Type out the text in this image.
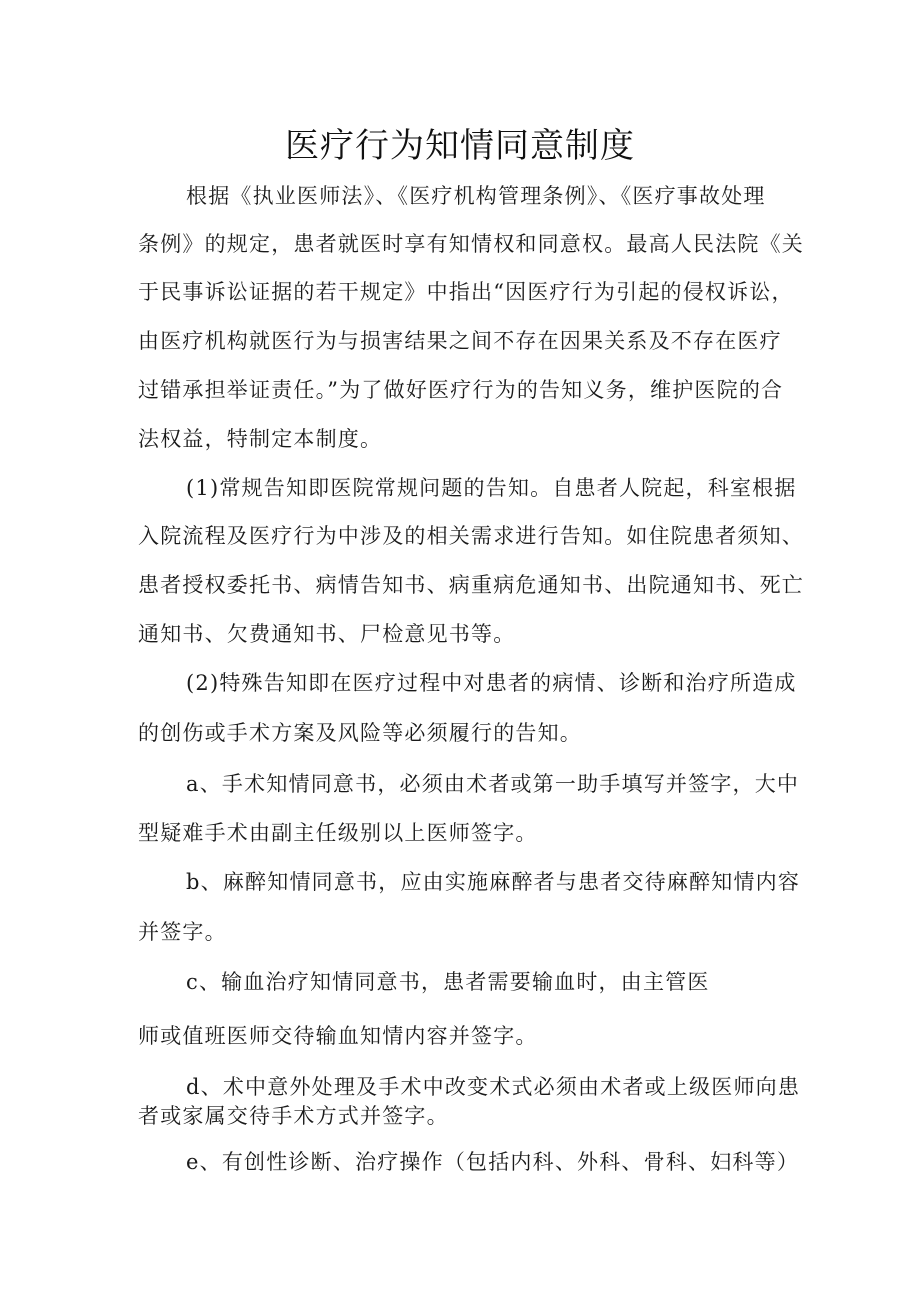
医疗行为知情同意制度
根据《执业医师法》、《医疗机构管理条例》、《医疗事故处理
条例》的规定，患者就医时享有知情权和同意权。最高人民法院《关
于民事诉讼证据的若干规定》中指出“因医疗行为引起的侵权诉讼，
由医疗机构就医行为与损害结果之间不存在因果关系及不存在医疗
过错承担举证责任。”为了做好医疗行为的告知义务，维护医院的合
法权益，特制定本制度。
(1)常规告知即医院常规问题的告知。自患者人院起，科室根据
入院流程及医疗行为中涉及的相关需求进行告知。如住院患者须知、
患者授权委托书、病情告知书、病重病危通知书、出院通知书、死亡
通知书、欠费通知书、尸检意见书等。
(2)特殊告知即在医疗过程中对患者的病情、诊断和治疗所造成
的创伤或手术方案及风险等必须履行的告知。
a、手术知情同意书，必须由术者或第一助手填写并签字，大中
型疑难手术由副主任级别以上医师签字。
b、麻醉知情同意书，应由实施麻醉者与患者交待麻醉知情内容
并签字。
c、输血治疗知情同意书，患者需要输血时，由主管医
师或值班医师交待输血知情内容并签字。
d、术中意外处理及手术中改变术式必须由术者或上级医师向患
者或家属交待手术方式并签字。
e、有创性诊断、治疗操作（包括内科、外科、骨科、妇科等）
